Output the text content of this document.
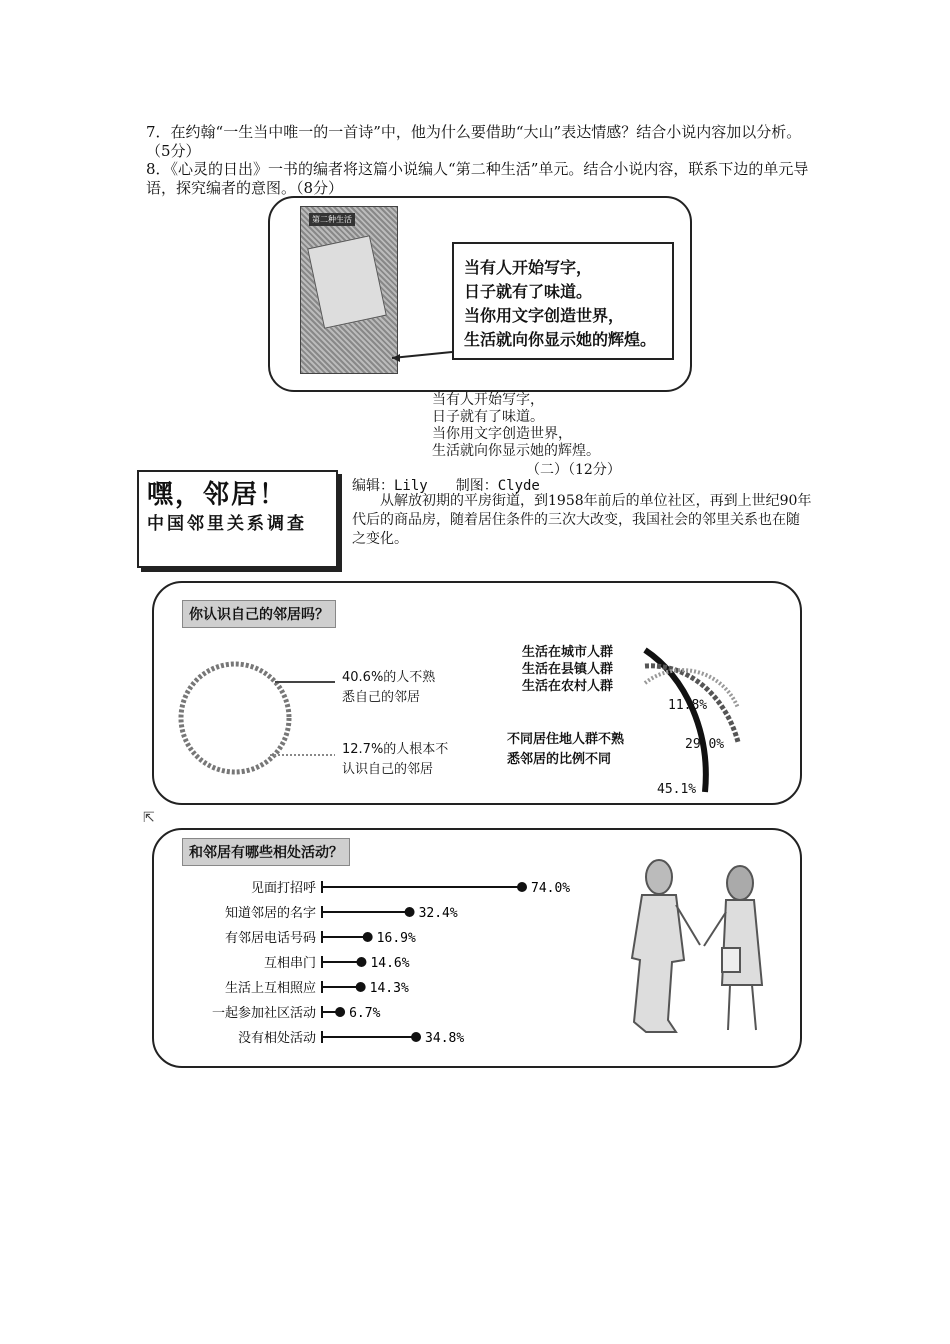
7．在约翰“一生当中唯一的一首诗”中，他为什么要借助“大山”表达情感？结合小说内容加以分析。（5分）
8．《心灵的日出》一书的编者将这篇小说编人“第二种生活”单元。结合小说内容，联系下边的单元导语，探究编者的意图。（8分）
第二种生活
当有人开始写字，
日子就有了味道。
当你用文字创造世界，
生活就向你显示她的辉煌。
当有人开始写字，
日子就有了味道。
当你用文字创造世界，
生活就向你显示她的辉煌。
（二）（12分）
嘿，邻居！
中国邻里关系调查
编辑：Lily　　制图：Clyde
从解放初期的平房街道，到1958年前后的单位社区，再到上世纪90年代后的商品房，随着居住条件的三次大改变，我国社会的邻里关系也在随之变化。
你认识自己的邻居吗？
40.6%的人不熟
悉自己的邻居
12.7%的人根本不
认识自己的邻居
生活在城市人群
生活在县镇人群
生活在农村人群
11.8%
29.0%
45.1%
不同居住地人群不熟
悉邻居的比例不同
⇱
和邻居有哪些相处活动？
见面打招呼	74.0%
知道邻居的名字	32.4%
有邻居电话号码	16.9%
互相串门	14.6%
生活上互相照应	14.3%
一起参加社区活动	6.7%
没有相处活动	34.8%
